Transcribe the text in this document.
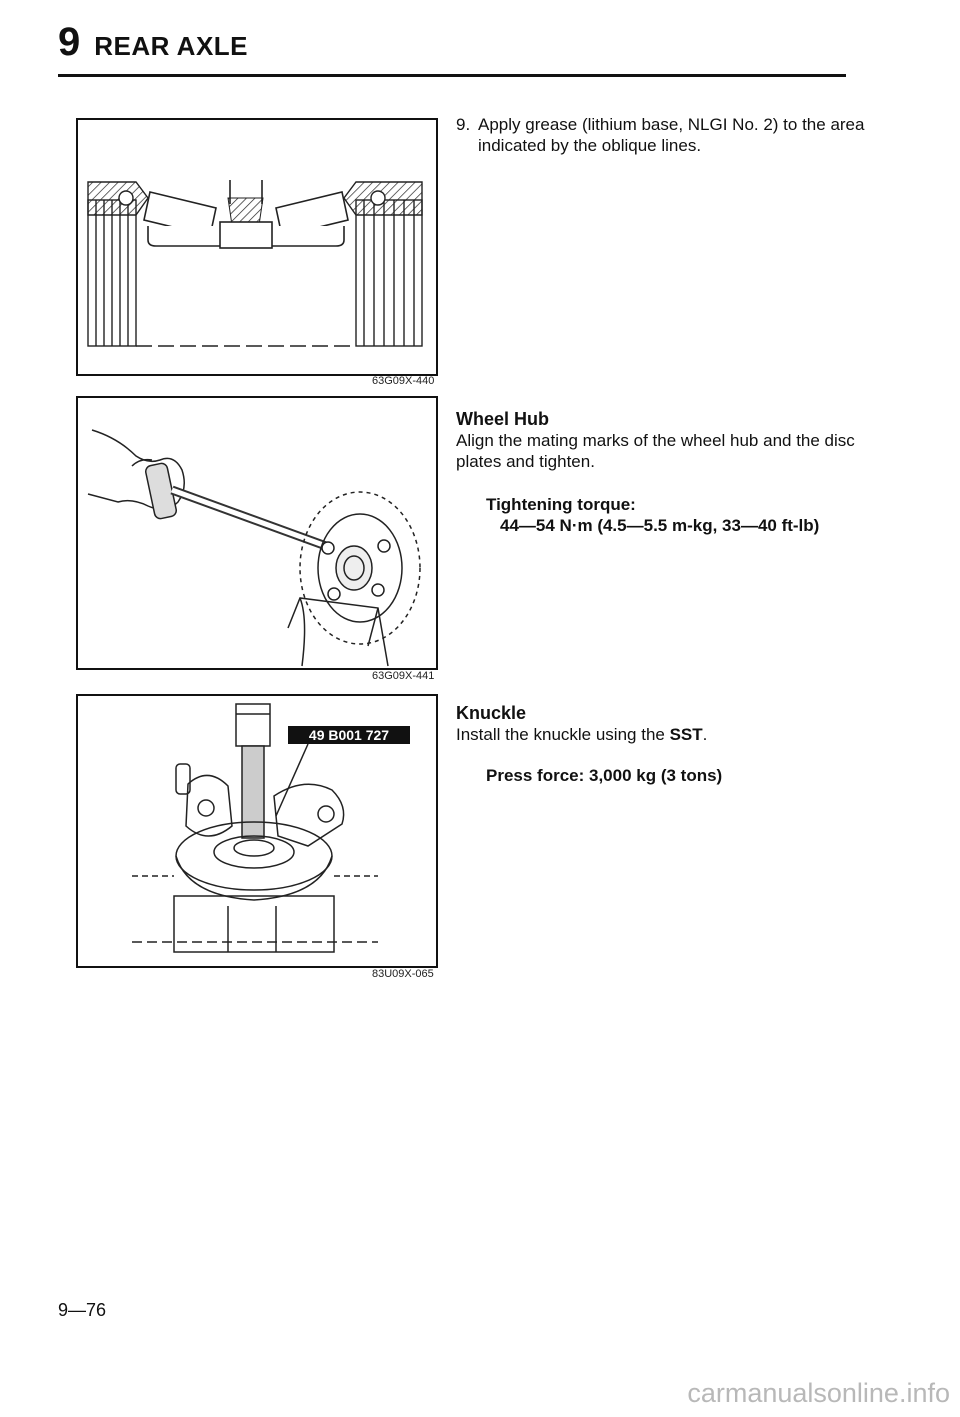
9 REAR AXLE
63G09X-440
63G09X-441
49 B001 727
83U09X-065
9. Apply grease (lithium base, NLGI No. 2) to the area indicated by the oblique lines.
Wheel Hub
Align the mating marks of the wheel hub and the disc plates and tighten.
Tightening torque:
44—54 N·m (4.5—5.5 m-kg, 33—40 ft-lb)
Knuckle
Install the knuckle using the SST.
Press force: 3,000 kg (3 tons)
9—76
carmanualsonline.info
